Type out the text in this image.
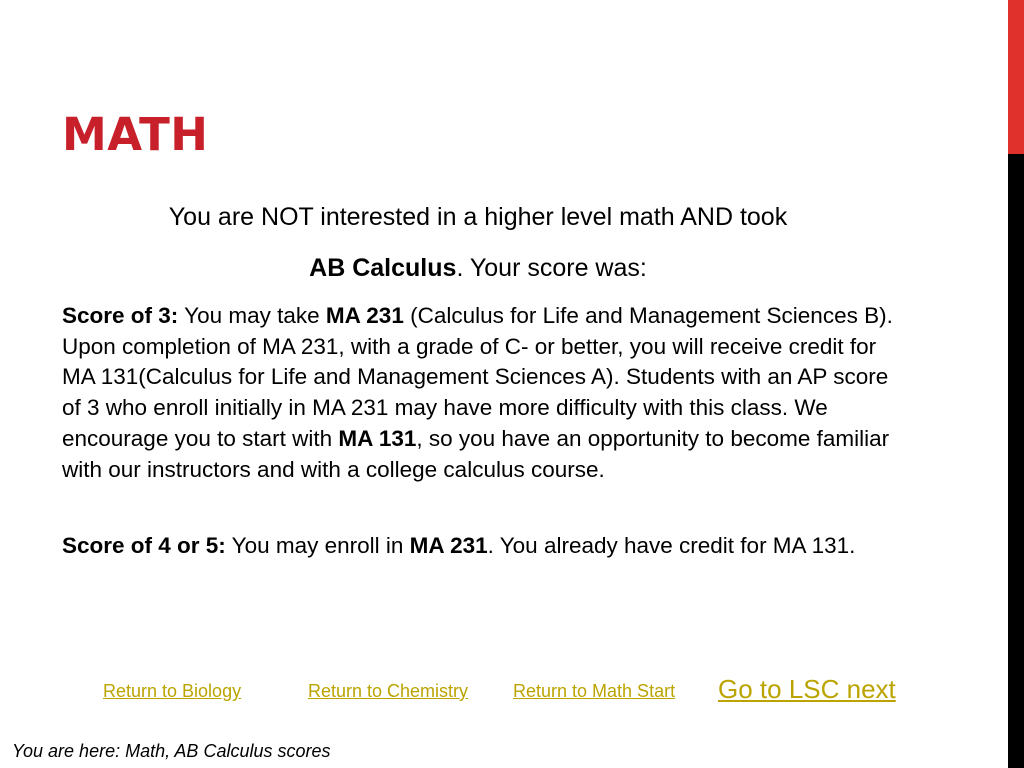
MATH
You are NOT interested in a higher level math AND took
AB Calculus. Your score was:

Score of 3: You may take MA 231 (Calculus for Life and Management Sciences B). Upon completion of MA 231, with a grade of C- or better, you will receive credit for MA 131(Calculus for Life and Management Sciences A). Students with an AP score of 3 who enroll initially in MA 231 may have more difficulty with this class. We encourage you to start with MA 131, so you have an opportunity to become familiar with our instructors and with a college calculus course.

Score of 4 or 5: You may enroll in MA 231. You already have credit for MA 131.

Return to Biology	Return to Chemistry Return to Math Start Go to LSC next
You are here: Math, AB Calculus scores
